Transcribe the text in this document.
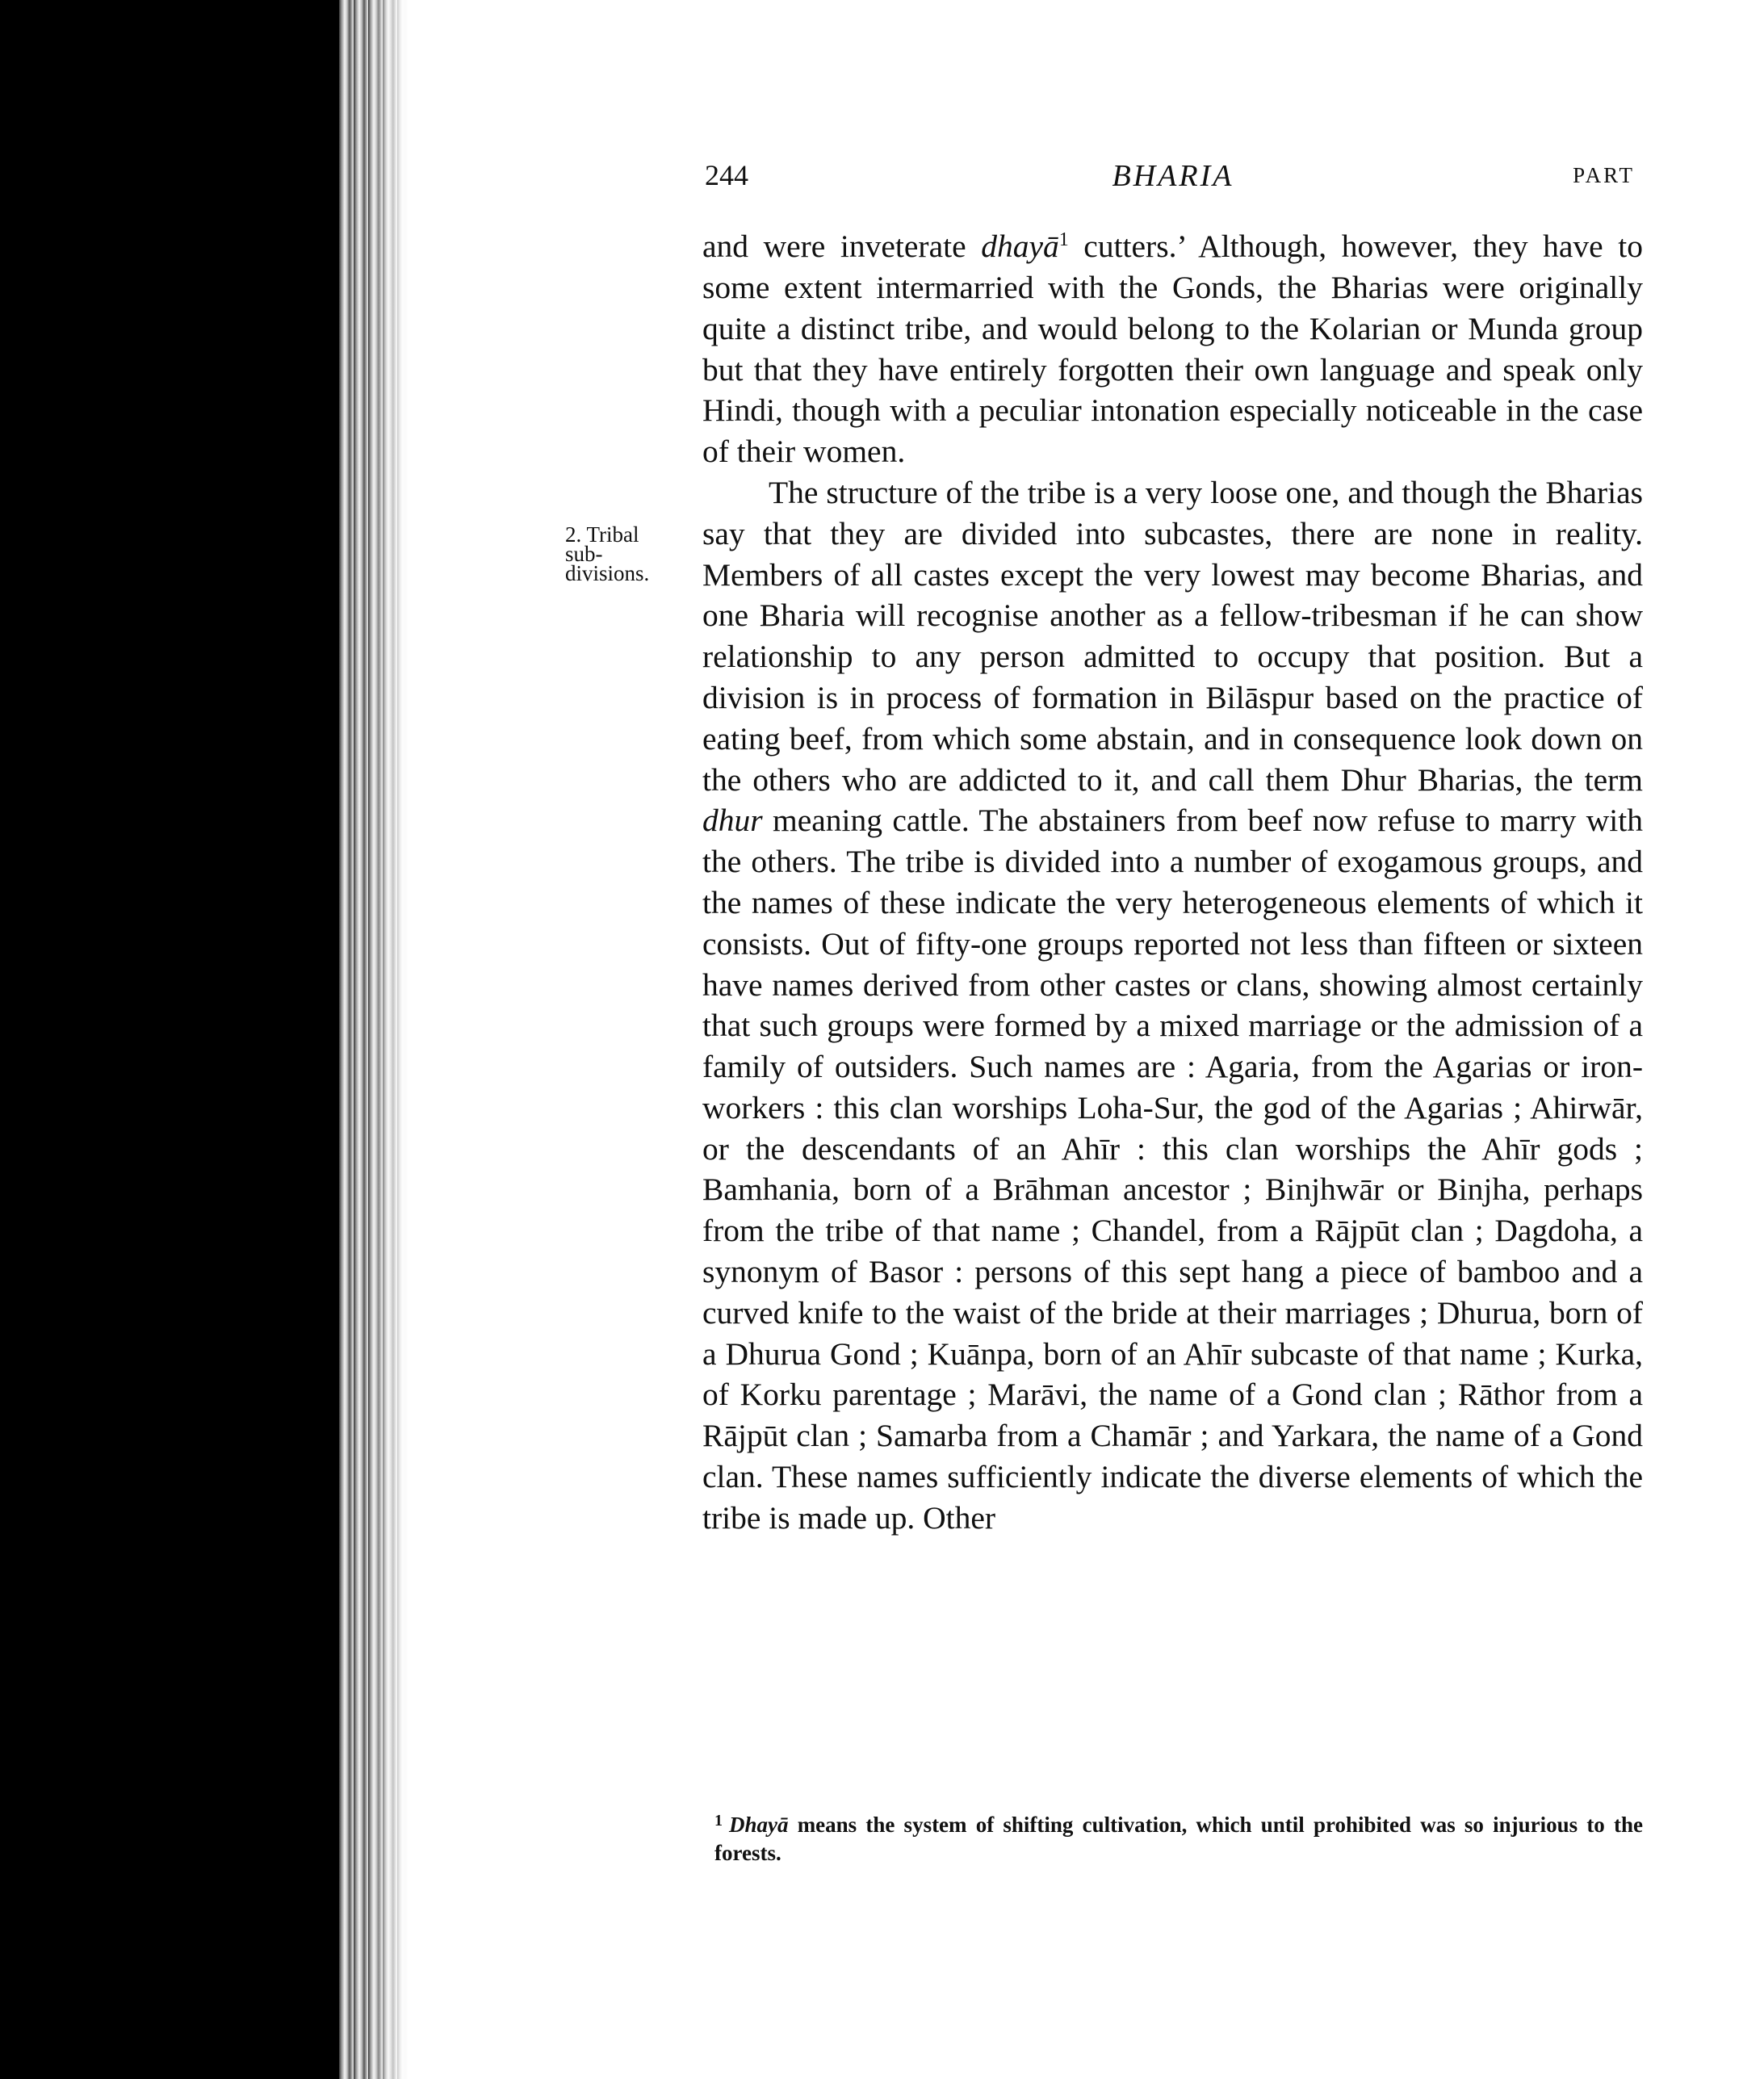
244	BHARIA	PART
2. Tribal
sub-
divisions.

and were inveterate dhayā$^1$ cutters.’ Although, however, they have to some extent intermarried with the Gonds, the Bharias were originally quite a distinct tribe, and would belong to the Kolarian or Munda group but that they have entirely forgotten their own language and speak only Hindi, though with a peculiar intonation especially noticeable in the case of their women.

The structure of the tribe is a very loose one, and though the Bharias say that they are divided into subcastes, there are none in reality. Members of all castes except the very lowest may become Bharias, and one Bharia will recognise another as a fellow-tribesman if he can show relationship to any person admitted to occupy that position. But a division is in process of formation in Bilāspur based on the practice of eating beef, from which some abstain, and in consequence look down on the others who are addicted to it, and call them Dhur Bharias, the term dhur meaning cattle. The abstainers from beef now refuse to marry with the others. The tribe is divided into a number of exogamous groups, and the names of these indicate the very heterogeneous elements of which it consists. Out of fifty-one groups reported not less than fifteen or sixteen have names derived from other castes or clans, showing almost certainly that such groups were formed by a mixed marriage or the admission of a family of outsiders. Such names are : Agaria, from the Agarias or iron-workers : this clan worships Loha-Sur, the god of the Agarias ; Ahirwār, or the descendants of an Ahīr : this clan worships the Ahīr gods ; Bamhania, born of a Brāhman ancestor ; Binjhwār or Binjha, perhaps from the tribe of that name ; Chandel, from a Rājpūt clan ; Dagdoha, a synonym of Basor : persons of this sept hang a piece of bamboo and a curved knife to the waist of the bride at their marriages ; Dhurua, born of a Dhurua Gond ; Kuānpa, born of an Ahīr subcaste of that name ; Kurka, of Korku parentage ; Marāvi, the name of a Gond clan ; Rāthor from a Rājpūt clan ; Samarba from a Chamār ; and Yarkara, the name of a Gond clan. These names sufficiently indicate the diverse elements of which the tribe is made up. Other

$^1$ Dhayā means the system of shifting cultivation, which until prohibited was so injurious to the forests.
